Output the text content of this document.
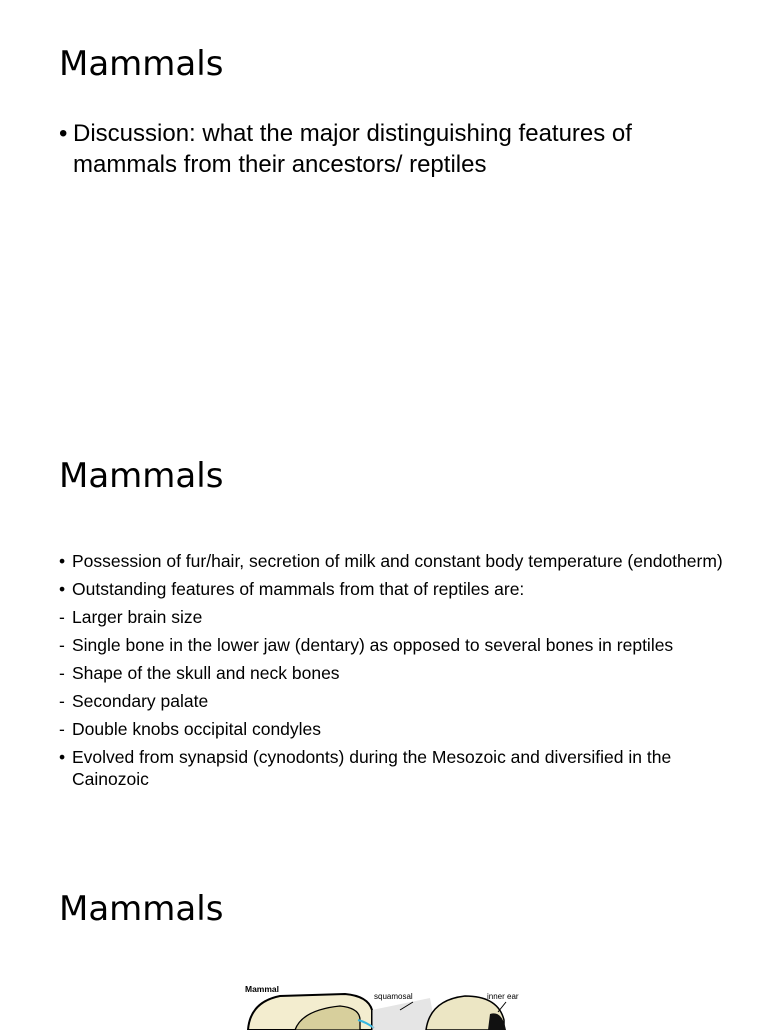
Mammals
• Discussion: what the major distinguishing features of mammals from their ancestors/ reptiles
Mammals
• Possession of fur/hair, secretion of milk and constant body temperature (endotherm)
• Outstanding features of mammals from that of reptiles are:
- Larger brain size
- Single bone in the lower jaw (dentary) as opposed to several bones in reptiles
- Shape of the skull and neck bones
- Secondary palate
- Double knobs occipital condyles
• Evolved from synapsid (cynodonts) during the Mesozoic and diversified in the Cainozoic
Mammals
Mammal
squamosal	inner ear
